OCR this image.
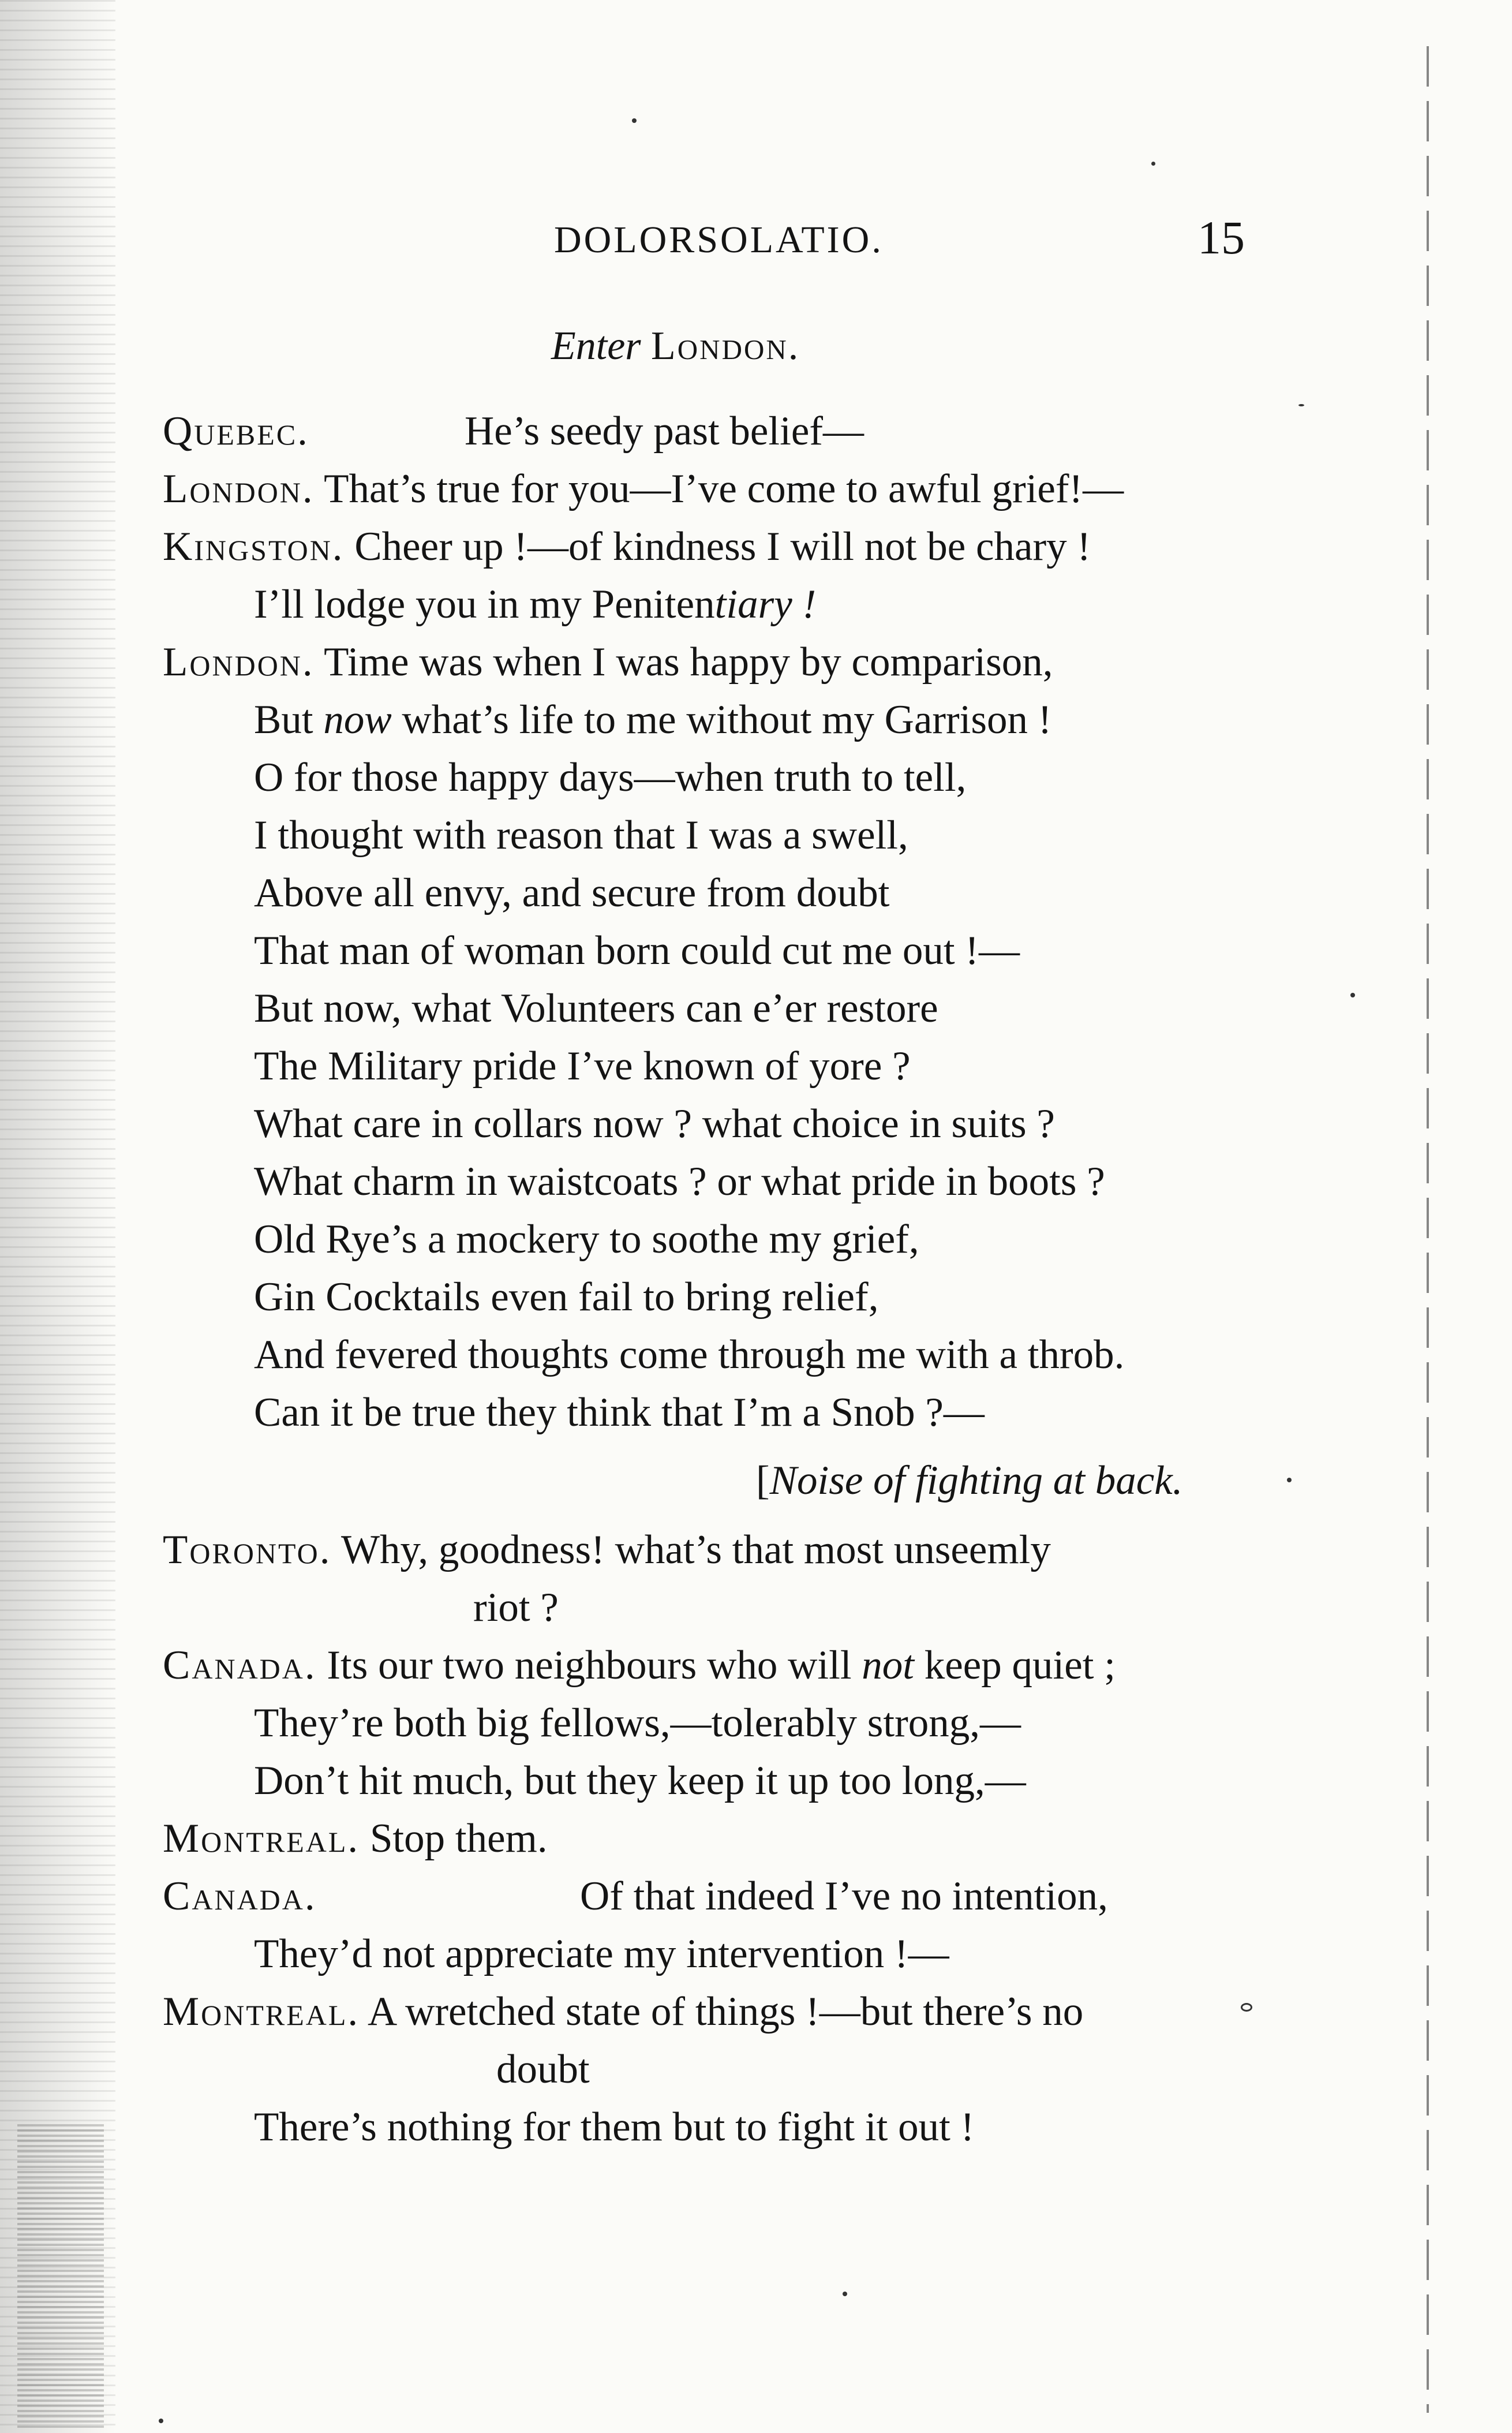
DOLORSOLATIO.	15
Enter London.
Quebec.	He’s seedy past belief—
London. That’s true for you—I’ve come to awful grief!—
Kingston. Cheer up !—of kindness I will not be chary !
I’ll lodge you in my Penitentiary !
London. Time was when I was happy by comparison,
But now what’s life to me without my Garrison !
O for those happy days—when truth to tell,
I thought with reason that I was a swell,
Above all envy, and secure from doubt
That man of woman born could cut me out !—
But now, what Volunteers can e’er restore
The Military pride I’ve known of yore ?
What care in collars now ? what choice in suits ?
What charm in waistcoats ? or what pride in boots ?
Old Rye’s a mockery to soothe my grief,
Gin Cocktails even fail to bring relief,
And fevered thoughts come through me with a throb.
Can it be true they think that I’m a Snob ?—
[Noise of fighting at back.
Toronto. Why, goodness! what’s that most unseemly
riot ?
Canada. Its our two neighbours who will not keep quiet ;
They’re both big fellows,—tolerably strong,—
Don’t hit much, but they keep it up too long,—
Montreal. Stop them.
Canada.	Of that indeed I’ve no intention,
They’d not appreciate my intervention !—
Montreal. A wretched state of things !—but there’s no
doubt
There’s nothing for them but to fight it out !
